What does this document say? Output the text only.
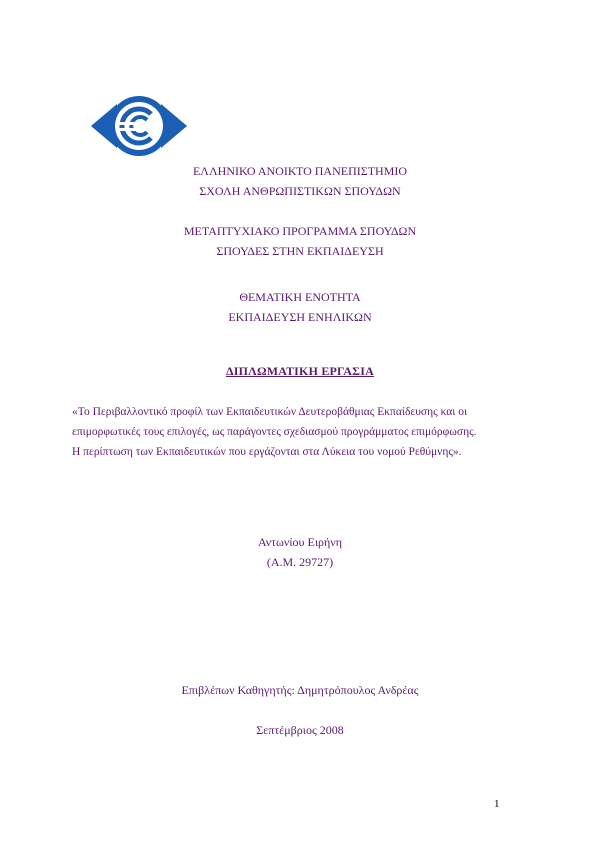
ΕΛΛΗΝΙΚΟ ΑΝΟΙΚΤΟ ΠΑΝΕΠΙΣΤΗΜΙΟ
ΣΧΟΛΗ ΑΝΘΡΩΠΙΣΤΙΚΩΝ ΣΠΟΥΔΩΝ
ΜΕΤΑΠΤΥΧΙΑΚΟ ΠΡΟΓΡΑΜΜΑ ΣΠΟΥΔΩΝ
ΣΠΟΥΔΕΣ ΣΤΗΝ ΕΚΠΑΙΔΕΥΣΗ
ΘΕΜΑΤΙΚΗ ΕΝΟΤΗΤΑ
ΕΚΠΑΙΔΕΥΣΗ ΕΝΗΛΙΚΩΝ
ΔΙΠΛΩΜΑΤΙΚΗ ΕΡΓΑΣΙΑ
«Το Περιβαλλοντικό προφίλ των Εκπαιδευτικών Δευτεροβάθμιας Εκπαίδευσης και οι
επιμορφωτικές τους επιλογές, ως παράγοντες σχεδιασμού προγράμματος επιμόρφωσης.
Η περίπτωση των Εκπαιδευτικών που εργάζονται στα Λύκεια του νομού Ρεθύμνης».
Αντωνίου Ειρήνη
(Α.Μ. 29727)
Επιβλέπων Καθηγητής: Δημητρόπουλος Ανδρέας
Σεπτέμβριος 2008
1
